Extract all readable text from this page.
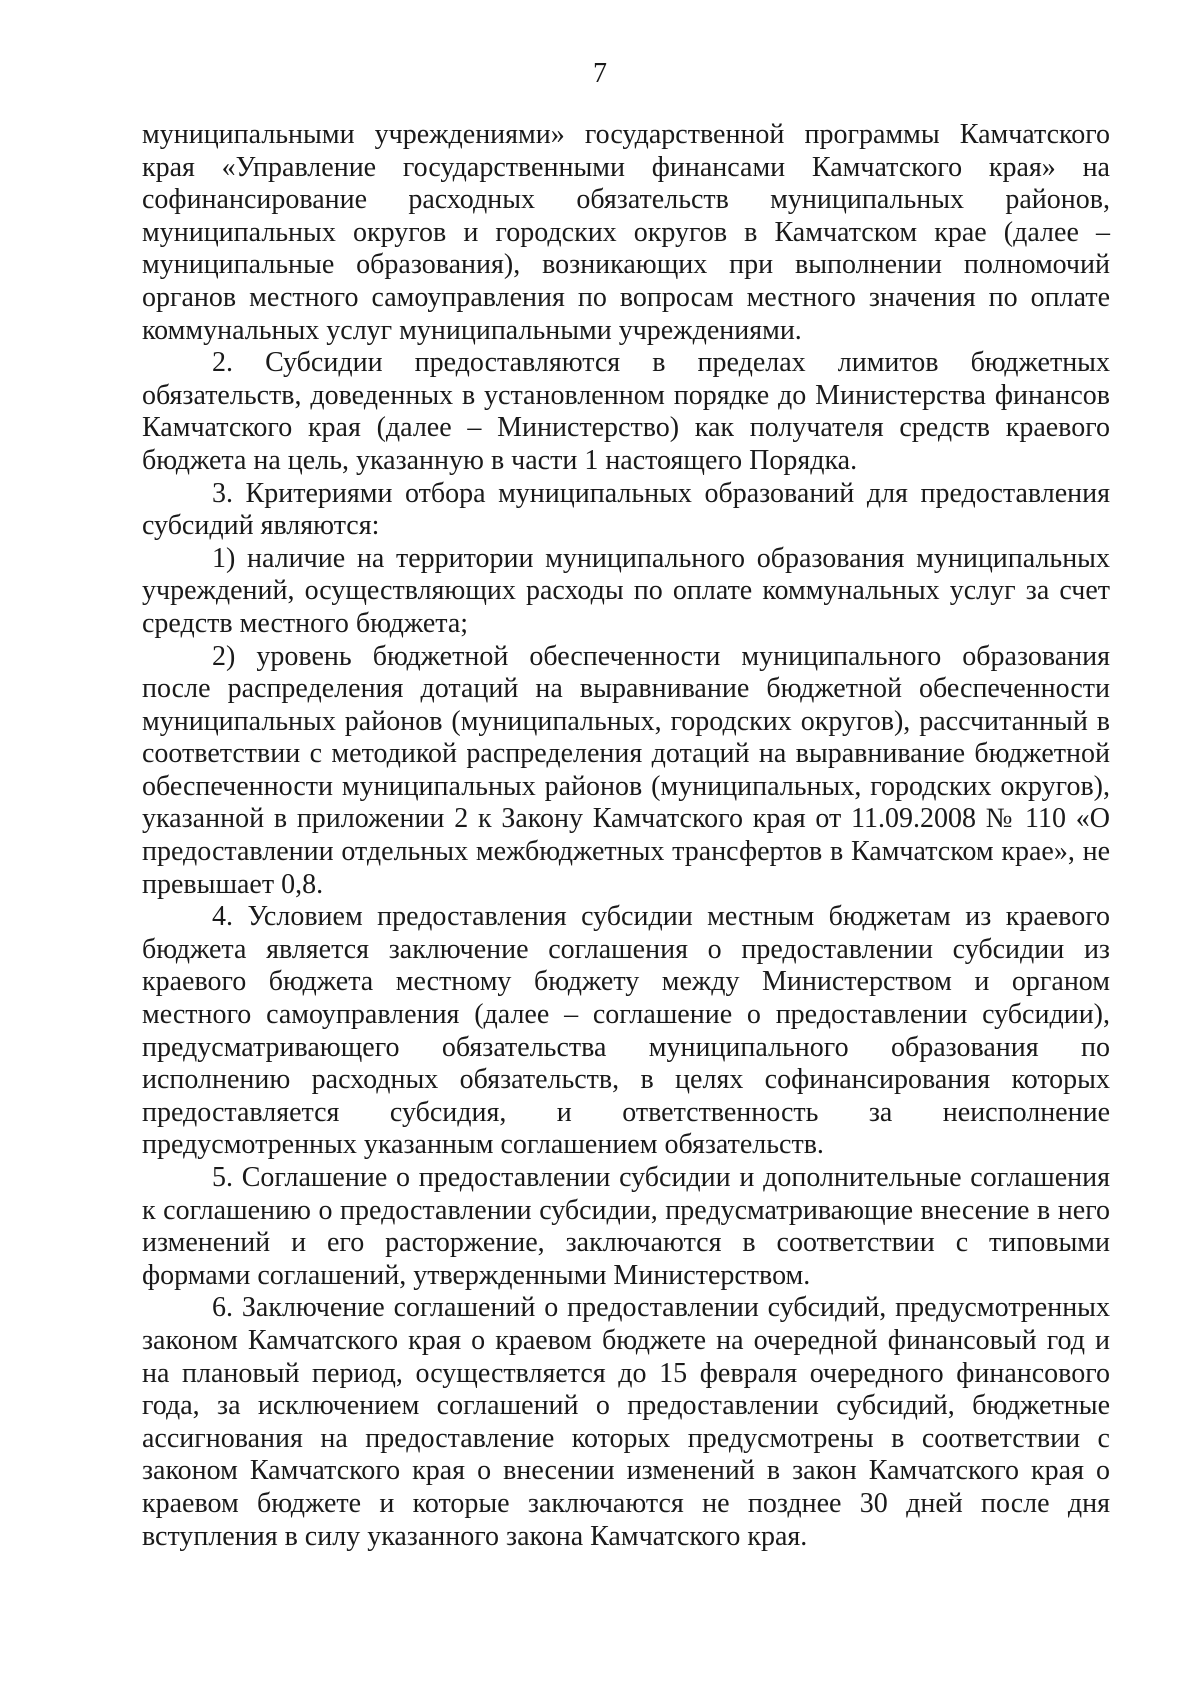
7

муниципальными учреждениями» государственной программы Камчатского края «Управление государственными финансами Камчатского края» на софинансирование расходных обязательств муниципальных районов, муниципальных округов и городских округов в Камчатском крае (далее – муниципальные образования), возникающих при выполнении полномочий органов местного самоуправления по вопросам местного значения по оплате коммунальных услуг муниципальными учреждениями.

2. Субсидии предоставляются в пределах лимитов бюджетных обязательств, доведенных в установленном порядке до Министерства финансов Камчатского края (далее – Министерство) как получателя средств краевого бюджета на цель, указанную в части 1 настоящего Порядка.

3. Критериями отбора муниципальных образований для предоставления субсидий являются:

1) наличие на территории муниципального образования муниципальных учреждений, осуществляющих расходы по оплате коммунальных услуг за счет средств местного бюджета;

2) уровень бюджетной обеспеченности муниципального образования после распределения дотаций на выравнивание бюджетной обеспеченности муниципальных районов (муниципальных, городских округов), рассчитанный в соответствии с методикой распределения дотаций на выравнивание бюджетной обеспеченности муниципальных районов (муниципальных, городских округов), указанной в приложении 2 к Закону Камчатского края от 11.09.2008 № 110 «О предоставлении отдельных межбюджетных трансфертов в Камчатском крае», не превышает 0,8.

4. Условием предоставления субсидии местным бюджетам из краевого бюджета является заключение соглашения о предоставлении субсидии из краевого бюджета местному бюджету между Министерством и органом местного самоуправления (далее – соглашение о предоставлении субсидии), предусматривающего обязательства муниципального образования по исполнению расходных обязательств, в целях софинансирования которых предоставляется субсидия, и ответственность за неисполнение предусмотренных указанным соглашением обязательств.

5. Соглашение о предоставлении субсидии и дополнительные соглашения к соглашению о предоставлении субсидии, предусматривающие внесение в него изменений и его расторжение, заключаются в соответствии с типовыми формами соглашений, утвержденными Министерством.

6. Заключение соглашений о предоставлении субсидий, предусмотренных законом Камчатского края о краевом бюджете на очередной финансовый год и на плановый период, осуществляется до 15 февраля очередного финансового года, за исключением соглашений о предоставлении субсидий, бюджетные ассигнования на предоставление которых предусмотрены в соответствии с законом Камчатского края о внесении изменений в закон Камчатского края о краевом бюджете и которые заключаются не позднее 30 дней после дня вступления в силу указанного закона Камчатского края.
